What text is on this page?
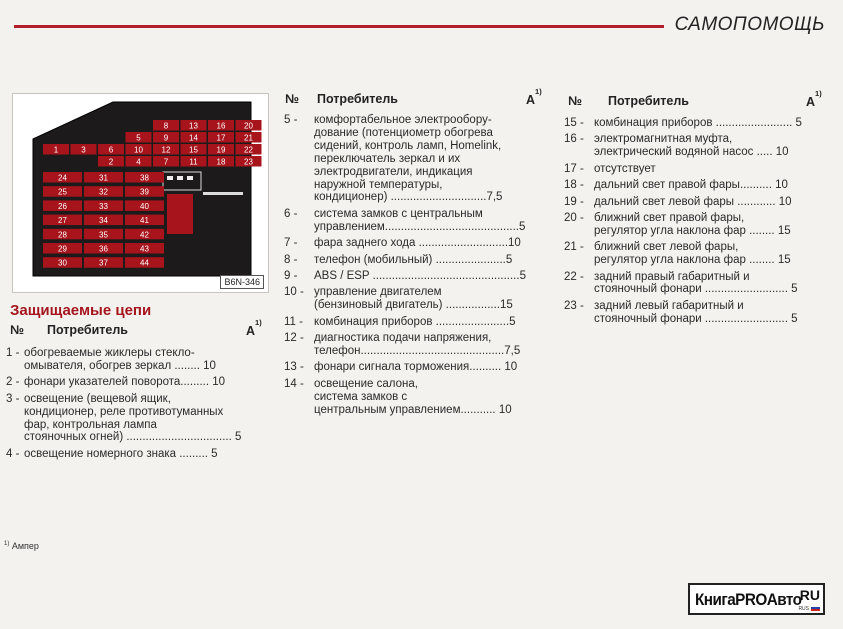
САМОПОМОЩЬ
8	13 16 20
5	9	14 17 21
1	3	6	10 12 15 19 22
2	4	7	11 18 23
24	31	38
25	32	39
26	33	40
27	34	41
28	35	42
29	36	43
30	37	44
B6N-346
Защищаемые цепи
№ Потребитель	А$^{1)}$
№ Потребитель	А$^{1)}$
№ Потребитель	А$^{1)}$
1 - обогреваемые жиклеры стекло-
омывателя, обогрев зеркал ........ 10
2 - фонари указателей поворота......... 10
3 - освещение (вещевой ящик,
кондиционер, реле противотуманных
фар, контрольная лампа
стояночных огней) ................................. 5
4 - освещение номерного знака ......... 5
5 -	комфортабельное электрообору-
дование (потенциометр обогрева
сидений, контроль ламп, Homelink,
переключатель зеркал и их
электродвигатели, индикация
наружной температуры,
кондиционер) ..............................7,5
6 -	система замков с центральным
управлением..........................................5
7 -	фара заднего хода ............................10
8 -	телефон (мобильный) ......................5
9 -	ABS / ESP ..............................................5
10 - управление двигателем
(бензиновый двигатель) .................15
11 - комбинация приборов .......................5
12 - диагностика подачи напряжения,
телефон.............................................7,5
13 - фонари сигнала торможения.......... 10
14 - освещение салона,
система замков с
центральным управлением........... 10
15 - комбинация приборов ........................ 5
16 - электромагнитная муфта,
электрический водяной насос ..... 10
17 - отсутствует
18 - дальний свет правой фары.......... 10
19 - дальний свет левой фары ............ 10
20 - ближний свет правой фары,
регулятор угла наклона фар ........ 15
21 - ближний свет левой фары,
регулятор угла наклона фар ........ 15
22 - задний правый габаритный и
стояночный фонари .......................... 5
23 - задний левый габаритный и
стояночный фонари .......................... 5
$^{1)}$ Ампер
КнигаPROАвто
RU
RUS
